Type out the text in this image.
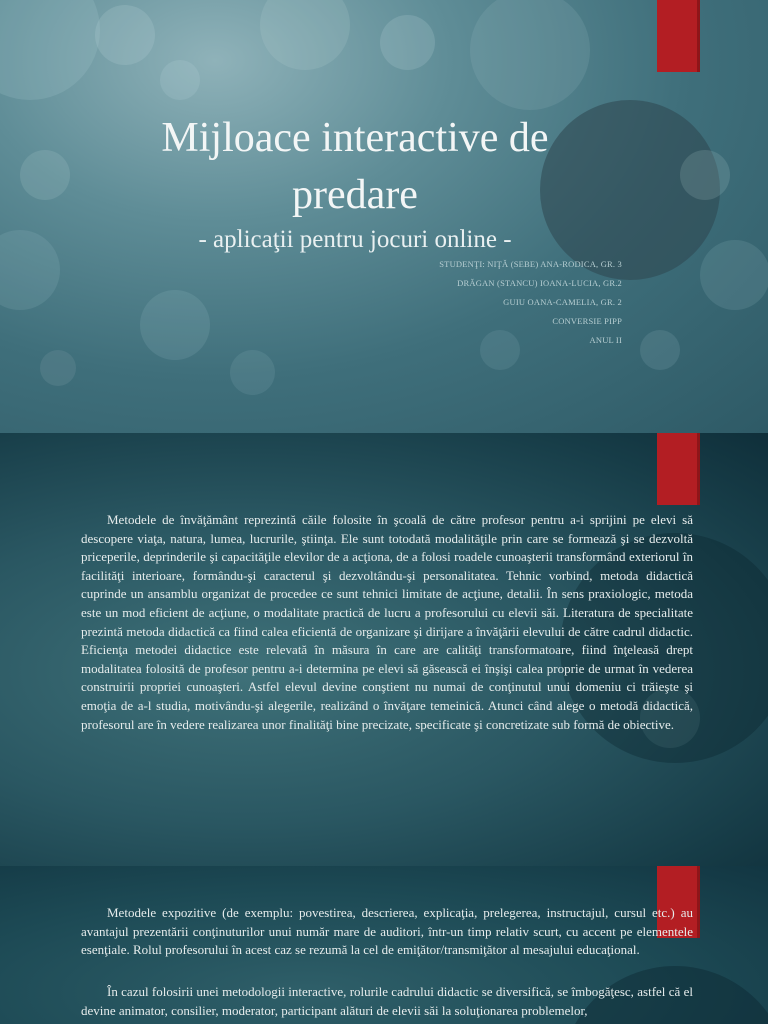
Mijloace interactive de predare
- aplicaţii pentru jocuri online -
STUDENŢI: NIŢĂ (SEBE) ANA-RODICA, GR. 3
DRĂGAN (STANCU) IOANA-LUCIA, GR.2
GUIU OANA-CAMELIA, GR. 2
CONVERSIE PIPP
ANUL II

Metodele de învăţământ reprezintă căile folosite în şcoală de către profesor pentru a-i sprijini pe elevi să descopere viaţa, natura, lumea, lucrurile, ştiinţa. Ele sunt totodată modalităţile prin care se formează şi se dezvoltă priceperile, deprinderile şi capacităţile elevilor de a acţiona, de a folosi roadele cunoaşterii transformând exteriorul în facilităţi interioare, formându-şi caracterul şi dezvoltându-şi personalitatea. Tehnic vorbind, metoda didactică cuprinde un ansamblu organizat de procedee ce sunt tehnici limitate de acţiune, detalii. În sens praxiologic, metoda este un mod eficient de acţiune, o modalitate practică de lucru a profesorului cu elevii săi. Literatura de specialitate prezintă metoda didactică ca fiind calea eficientă de organizare şi dirijare a învăţării elevului de către cadrul didactic. Eficienţa metodei didactice este relevată în măsura în care are calităţi transformatoare, fiind înţeleasă drept modalitatea folosită de profesor pentru a-i determina pe elevi să găsească ei înşişi calea proprie de urmat în vederea construirii propriei cunoaşteri. Astfel elevul devine conştient nu numai de conţinutul unui domeniu ci trăieşte şi emoţia de a-l studia, motivându-şi alegerile, realizând o învăţare temeinică. Atunci când alege o metodă didactică, profesorul are în vedere realizarea unor finalităţi bine precizate, specificate şi concretizate sub formă de obiective.

Metodele expozitive (de exemplu: povestirea, descrierea, explicaţia, prelegerea, instructajul, cursul etc.) au avantajul prezentării conţinuturilor unui număr mare de auditori, într-un timp relativ scurt, cu accent pe elementele esenţiale. Rolul profesorului în acest caz se rezumă la cel de emiţător/transmiţător al mesajului educaţional.

În cazul folosirii unei metodologii interactive, rolurile cadrului didactic se diversifică, se îmbogăţesc, astfel că el devine animator, consilier, moderator, participant alături de elevii săi la soluţionarea problemelor,
